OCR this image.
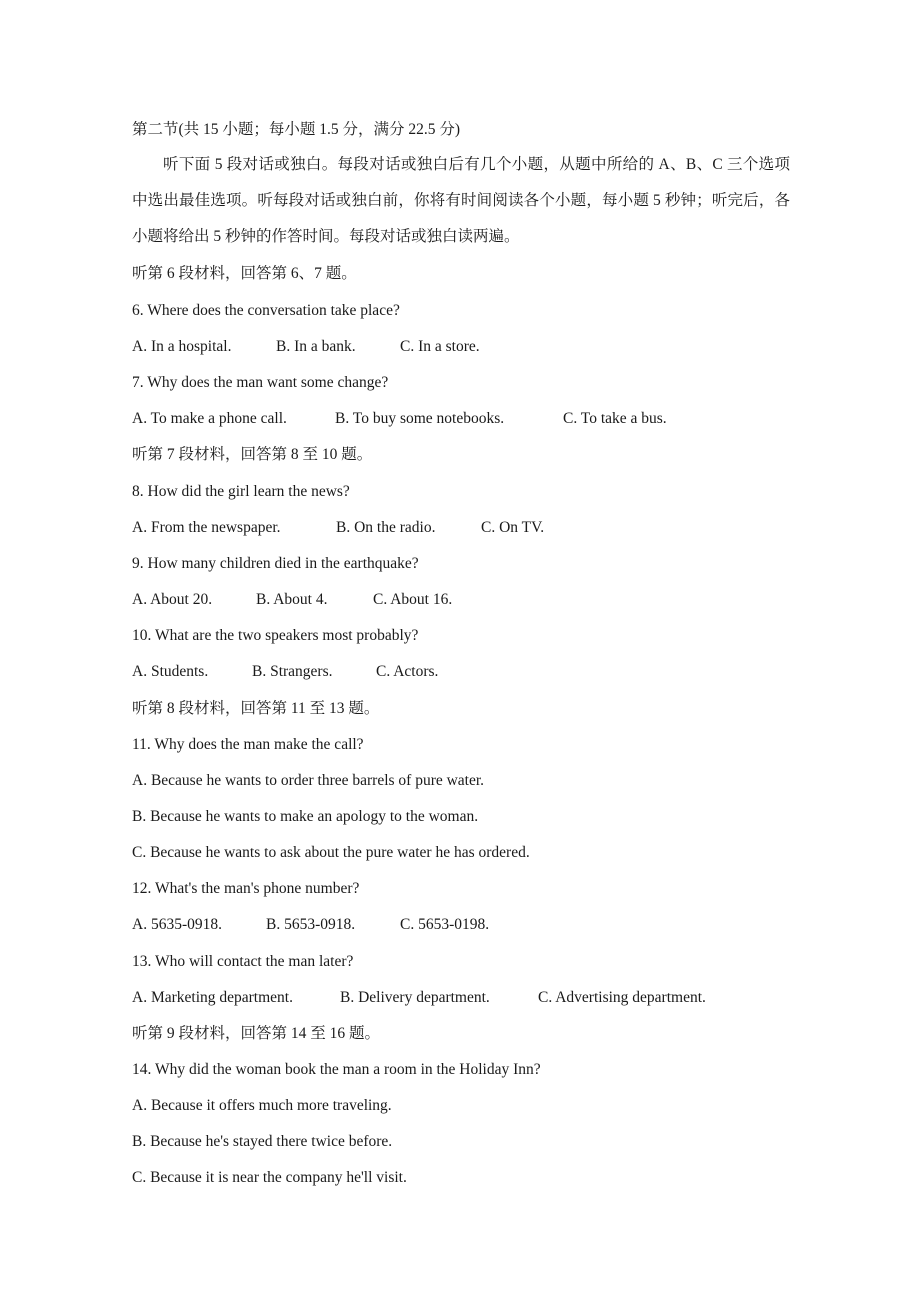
第二节(共 15 小题；每小题 1.5 分，满分 22.5 分)
听下面 5 段对话或独白。每段对话或独白后有几个小题，从题中所给的 A、B、C 三个选项中选出最佳选项。听每段对话或独白前，你将有时间阅读各个小题，每小题 5 秒钟；听完后，各小题将给出 5 秒钟的作答时间。每段对话或独白读两遍。
听第 6 段材料，回答第 6、7 题。
6. Where does the conversation take place?
A. In a hospital.	B. In a bank.	C. In a store.
7. Why does the man want some change?
A. To make a phone call.	B. To buy some notebooks.	C. To take a bus.
听第 7 段材料，回答第 8 至 10 题。
8. How did the girl learn the news?
A. From the newspaper.	B. On the radio.	C. On TV.
9. How many children died in the earthquake?
A. About 20.	B. About 4.	C. About 16.
10. What are the two speakers most probably?
A. Students.	B. Strangers.	C. Actors.
听第 8 段材料，回答第 11 至 13 题。
11. Why does the man make the call?
A. Because he wants to order three barrels of pure water.
B. Because he wants to make an apology to the woman.
C. Because he wants to ask about the pure water he has ordered.
12. What's the man's phone number?
A. 5635-0918.	B. 5653-0918.	C. 5653-0198.
13. Who will contact the man later?
A. Marketing department.	B. Delivery department.	C. Advertising department.
听第 9 段材料，回答第 14 至 16 题。
14. Why did the woman book the man a room in the Holiday Inn?
A. Because it offers much more traveling.
B. Because he's stayed there twice before.
C. Because it is near the company he'll visit.
